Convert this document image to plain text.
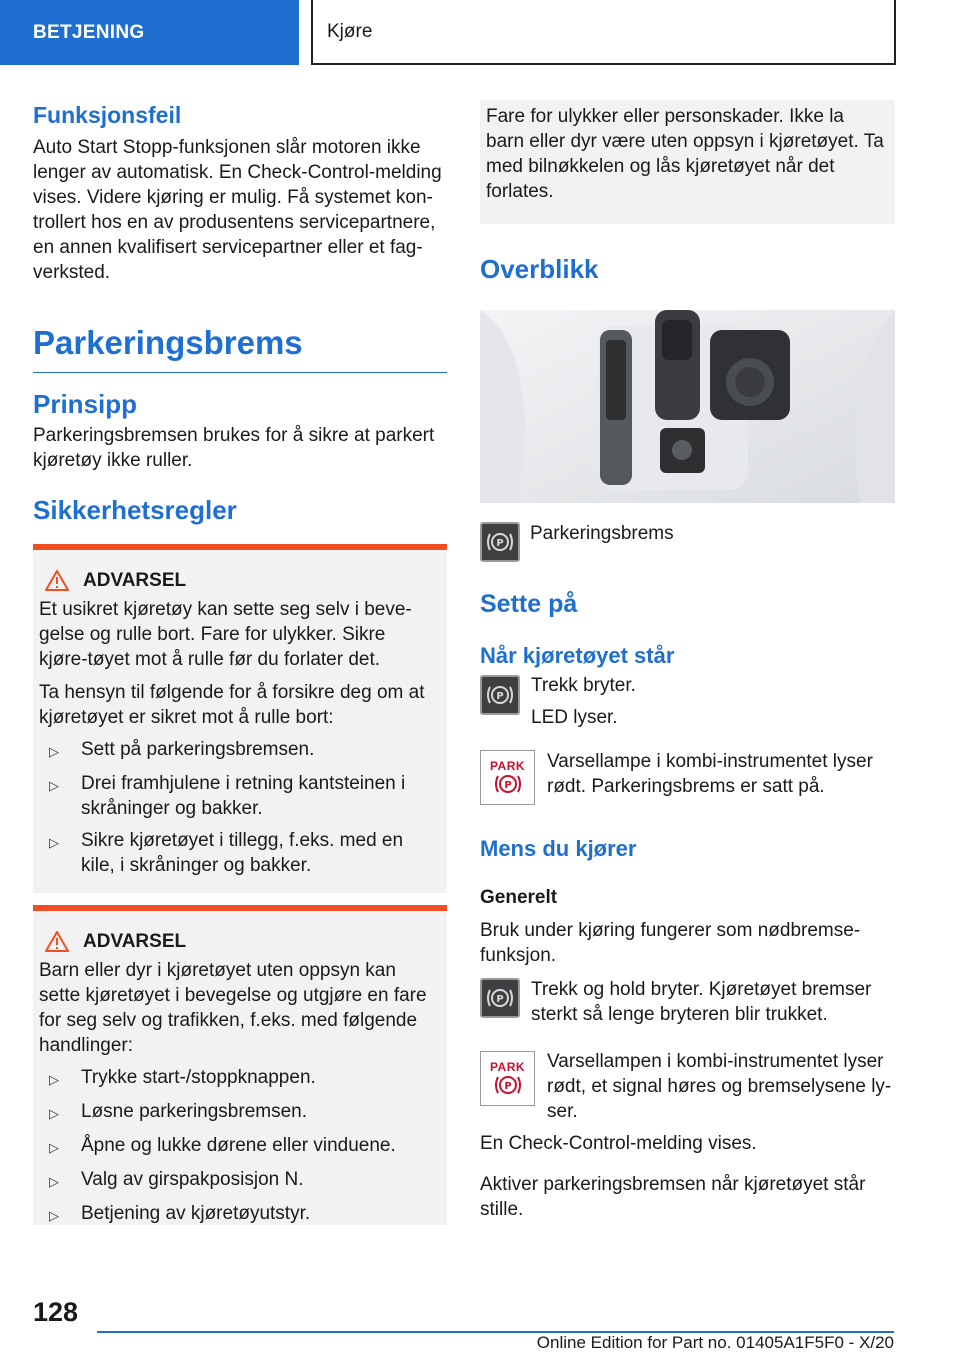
BETJENING	Kjøre
Funksjonsfeil
Auto Start Stopp-funksjonen slår motoren ikke lenger av automatisk. En Check-Control-melding vises. Videre kjøring er mulig. Få systemet kon-trollert hos en av produsentens servicepartnere, en annen kvalifisert servicepartner eller et fag-verksted.
Parkeringsbrems
Prinsipp
Parkeringsbremsen brukes for å sikre at parkert kjøretøy ikke ruller.
Sikkerhetsregler
ADVARSEL
Et usikret kjøretøy kan sette seg selv i beve-gelse og rulle bort. Fare for ulykker. Sikre kjøre-tøyet mot å rulle før du forlater det.
Ta hensyn til følgende for å forsikre deg om at kjøretøyet er sikret mot å rulle bort:
▷	Sett på parkeringsbremsen.
▷	Drei framhjulene i retning kantsteinen i skråninger og bakker.
▷	Sikre kjøretøyet i tillegg, f.eks. med en kile, i skråninger og bakker.
ADVARSEL
Barn eller dyr i kjøretøyet uten oppsyn kan sette kjøretøyet i bevegelse og utgjøre en fare for seg selv og trafikken, f.eks. med følgende handlinger:
▷	Trykke start-/stoppknappen.
▷	Løsne parkeringsbremsen.
▷	Åpne og lukke dørene eller vinduene.
▷	Valg av girspakposisjon N.
▷	Betjening av kjøretøyutstyr.
Fare for ulykker eller personskader. Ikke la barn eller dyr være uten oppsyn i kjøretøyet. Ta med bilnøkkelen og lås kjøretøyet når det forlates.
Overblikk
P Parkeringsbrems
Sette på
Når kjøretøyet står
P
Trekk bryter.
LED lyser.
PARK
P
Varsellampe i kombi-instrumentet lyser rødt. Parkeringsbrems er satt på.
Mens du kjører
Generelt
Bruk under kjøring fungerer som nødbremse-funksjon.
P Trekk og hold bryter. Kjøretøyet bremser sterkt så lenge bryteren blir trukket.
PARK
P
Varsellampen i kombi-instrumentet lyser rødt, et signal høres og bremselysene ly-ser.
En Check-Control-melding vises.
Aktiver parkeringsbremsen når kjøretøyet står stille.
128
Online Edition for Part no. 01405A1F5F0 - X/20
